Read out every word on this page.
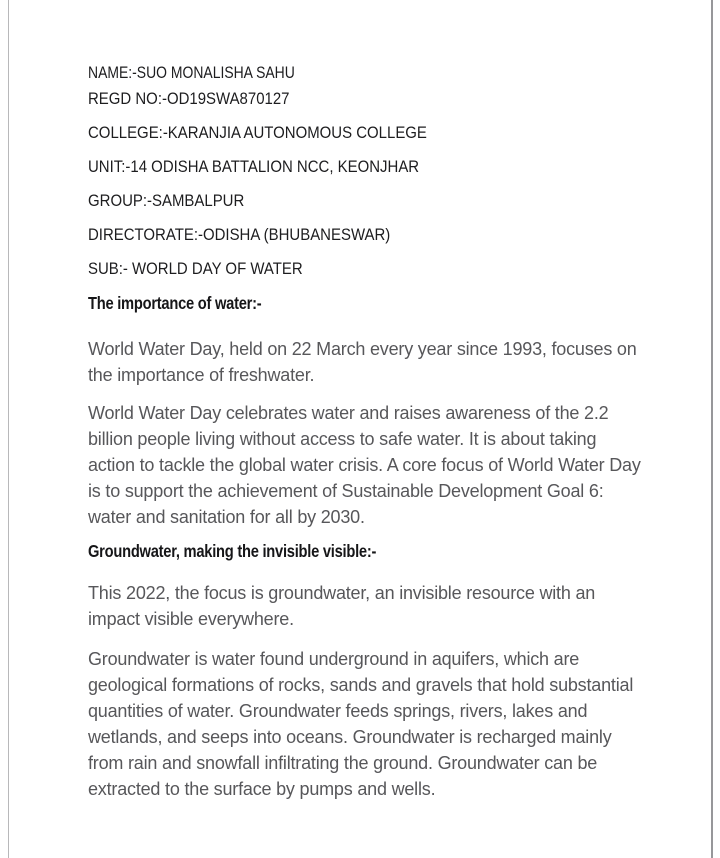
NAME:-SUO MONALISHA SAHU

REGD NO:-OD19SWA870127

COLLEGE:-KARANJIA AUTONOMOUS COLLEGE

UNIT:-14 ODISHA BATTALION NCC, KEONJHAR

GROUP:-SAMBALPUR

DIRECTORATE:-ODISHA (BHUBANESWAR)

SUB:- WORLD DAY OF WATER

The importance of water:-

World Water Day, held on 22 March every year since 1993, focuses on the importance of freshwater.

World Water Day celebrates water and raises awareness of the 2.2 billion people living without access to safe water. It is about taking action to tackle the global water crisis. A core focus of World Water Day is to support the achievement of Sustainable Development Goal 6: water and sanitation for all by 2030.

Groundwater, making the invisible visible:-

This 2022, the focus is groundwater, an invisible resource with an impact visible everywhere.

Groundwater is water found underground in aquifers, which are geological formations of rocks, sands and gravels that hold substantial quantities of water. Groundwater feeds springs, rivers, lakes and wetlands, and seeps into oceans. Groundwater is recharged mainly from rain and snowfall infiltrating the ground. Groundwater can be extracted to the surface by pumps and wells.
